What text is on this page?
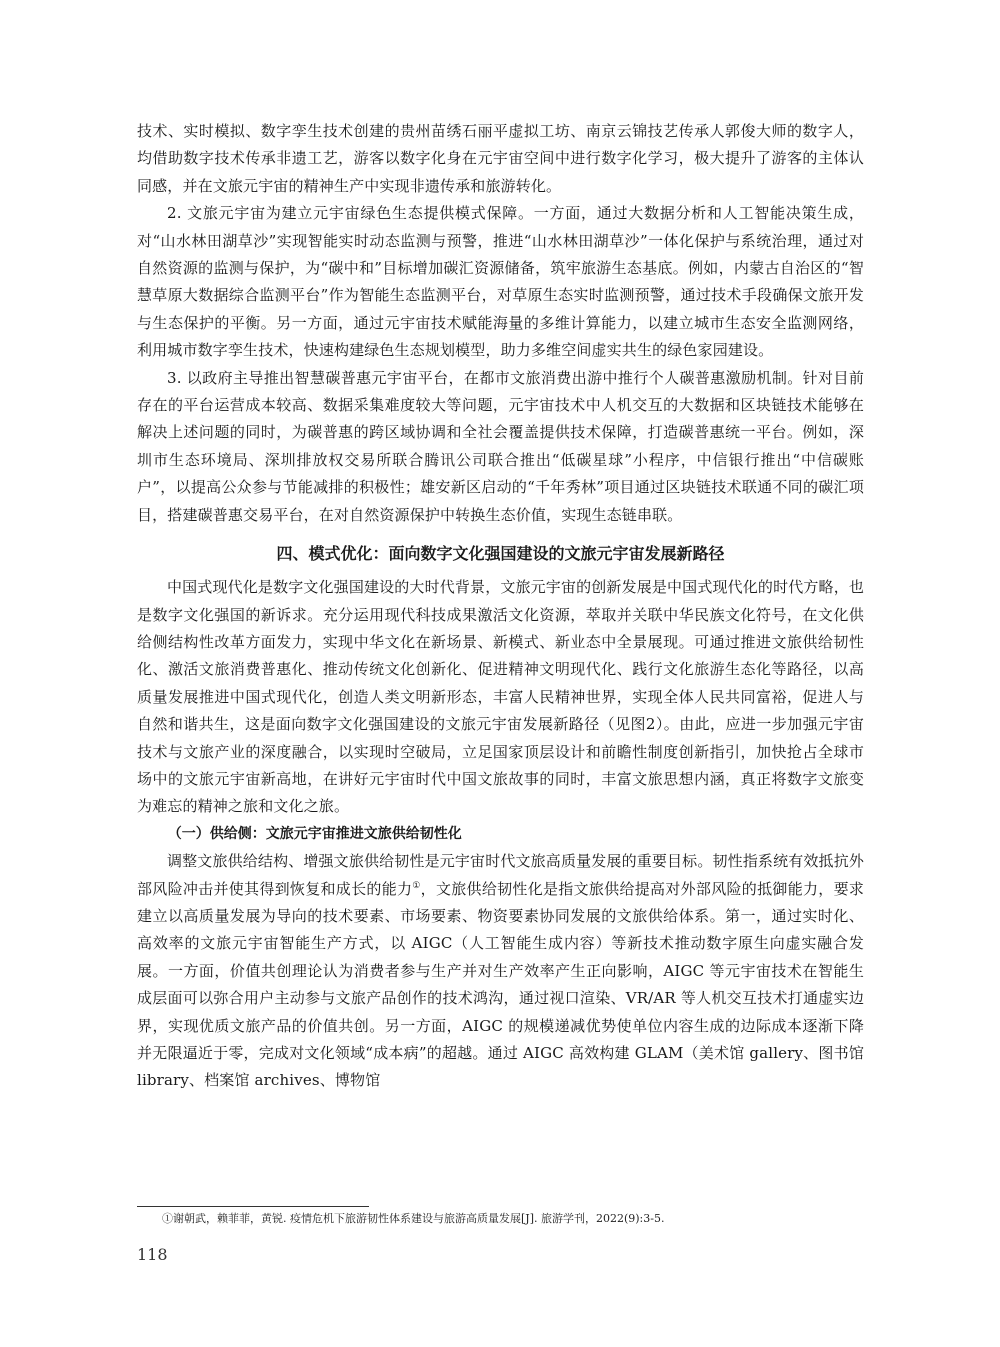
技术、实时模拟、数字孪生技术创建的贵州苗绣石丽平虚拟工坊、南京云锦技艺传承人郭俊大师的数字人，均借助数字技术传承非遗工艺，游客以数字化身在元宇宙空间中进行数字化学习，极大提升了游客的主体认同感，并在文旅元宇宙的精神生产中实现非遗传承和旅游转化。

2. 文旅元宇宙为建立元宇宙绿色生态提供模式保障。一方面，通过大数据分析和人工智能决策生成，对“山水林田湖草沙”实现智能实时动态监测与预警，推进“山水林田湖草沙”一体化保护与系统治理，通过对自然资源的监测与保护，为“碳中和”目标增加碳汇资源储备，筑牢旅游生态基底。例如，内蒙古自治区的“智慧草原大数据综合监测平台”作为智能生态监测平台，对草原生态实时监测预警，通过技术手段确保文旅开发与生态保护的平衡。另一方面，通过元宇宙技术赋能海量的多维计算能力，以建立城市生态安全监测网络，利用城市数字孪生技术，快速构建绿色生态规划模型，助力多维空间虚实共生的绿色家园建设。

3. 以政府主导推出智慧碳普惠元宇宙平台，在都市文旅消费出游中推行个人碳普惠激励机制。针对目前存在的平台运营成本较高、数据采集难度较大等问题，元宇宙技术中人机交互的大数据和区块链技术能够在解决上述问题的同时，为碳普惠的跨区域协调和全社会覆盖提供技术保障，打造碳普惠统一平台。例如，深圳市生态环境局、深圳排放权交易所联合腾讯公司联合推出“低碳星球”小程序，中信银行推出“中信碳账户”，以提高公众参与节能减排的积极性；雄安新区启动的“千年秀林”项目通过区块链技术联通不同的碳汇项目，搭建碳普惠交易平台，在对自然资源保护中转换生态价值，实现生态链串联。

四、模式优化：面向数字文化强国建设的文旅元宇宙发展新路径

中国式现代化是数字文化强国建设的大时代背景，文旅元宇宙的创新发展是中国式现代化的时代方略，也是数字文化强国的新诉求。充分运用现代科技成果激活文化资源，萃取并关联中华民族文化符号，在文化供给侧结构性改革方面发力，实现中华文化在新场景、新模式、新业态中全景展现。可通过推进文旅供给韧性化、激活文旅消费普惠化、推动传统文化创新化、促进精神文明现代化、践行文化旅游生态化等路径，以高质量发展推进中国式现代化，创造人类文明新形态，丰富人民精神世界，实现全体人民共同富裕，促进人与自然和谐共生，这是面向数字文化强国建设的文旅元宇宙发展新路径（见图2）。由此，应进一步加强元宇宙技术与文旅产业的深度融合，以实现时空破局，立足国家顶层设计和前瞻性制度创新指引，加快抢占全球市场中的文旅元宇宙新高地，在讲好元宇宙时代中国文旅故事的同时，丰富文旅思想内涵，真正将数字文旅变为难忘的精神之旅和文化之旅。

（一）供给侧：文旅元宇宙推进文旅供给韧性化

调整文旅供给结构、增强文旅供给韧性是元宇宙时代文旅高质量发展的重要目标。韧性指系统有效抵抗外部风险冲击并使其得到恢复和成长的能力①，文旅供给韧性化是指文旅供给提高对外部风险的抵御能力，要求建立以高质量发展为导向的技术要素、市场要素、物资要素协同发展的文旅供给体系。第一，通过实时化、高效率的文旅元宇宙智能生产方式，以 AIGC（人工智能生成内容）等新技术推动数字原生向虚实融合发展。一方面，价值共创理论认为消费者参与生产并对生产效率产生正向影响，AIGC 等元宇宙技术在智能生成层面可以弥合用户主动参与文旅产品创作的技术鸿沟，通过视口渲染、VR/AR 等人机交互技术打通虚实边界，实现优质文旅产品的价值共创。另一方面，AIGC 的规模递减优势使单位内容生成的边际成本逐渐下降并无限逼近于零，完成对文化领域“成本病”的超越。通过 AIGC 高效构建 GLAM（美术馆 gallery、图书馆 library、档案馆 archives、博物馆

①谢朝武，赖菲菲，黄锐. 疫情危机下旅游韧性体系建设与旅游高质量发展[J]. 旅游学刊，2022(9):3-5.
118
